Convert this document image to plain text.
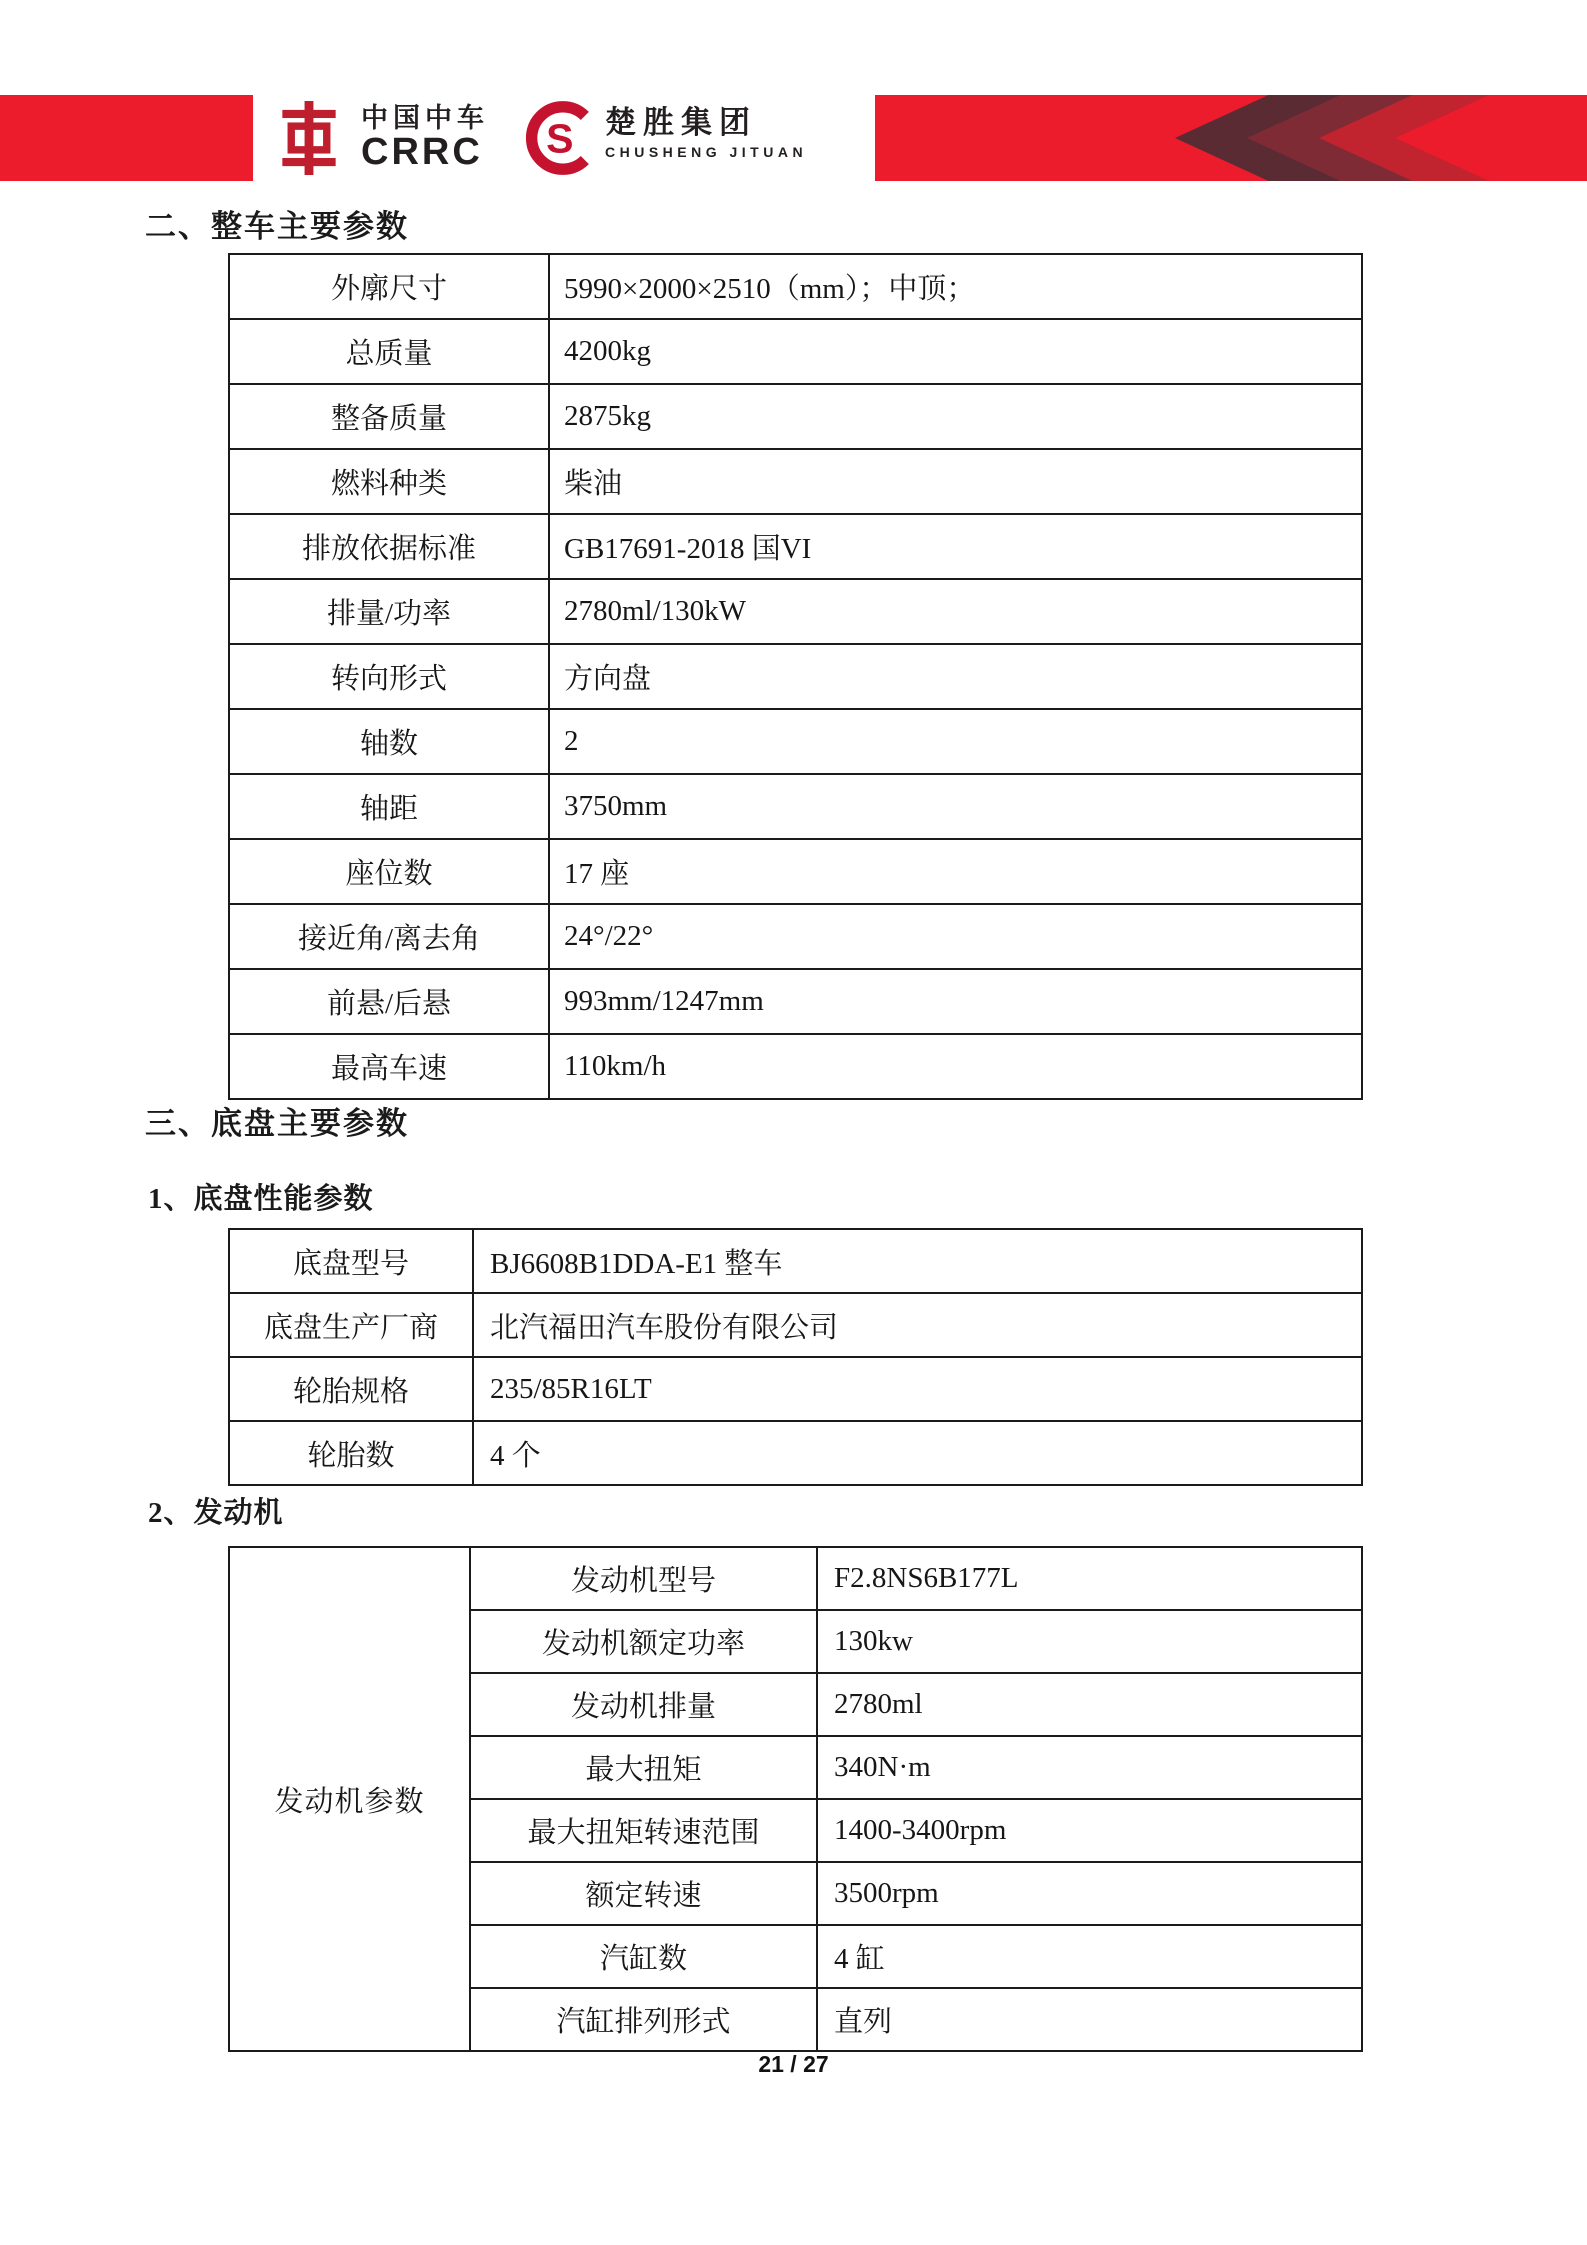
中国中车
CRRC S 楚胜集团
CHUSHENG JITUAN
二、整车主要参数
外廓尺寸	5990×2000×2510（mm）；中顶；
总质量	4200kg
整备质量	2875kg
燃料种类	柴油
排放依据标准	GB17691-2018 国VI
排量/功率	2780ml/130kW
转向形式	方向盘
轴数	2
轴距	3750mm
座位数	17 座
接近角/离去角	24°/22°
前悬/后悬	993mm/1247mm
最高车速	110km/h
三、底盘主要参数
1、底盘性能参数
底盘型号	BJ6608B1DDA-E1 整车
底盘生产厂商	北汽福田汽车股份有限公司
轮胎规格	235/85R16LT
轮胎数	4 个
2、发动机
发动机参数	发动机型号	F2.8NS6B177L
	发动机额定功率	130kw
	发动机排量	2780ml
	最大扭矩	340N·m
	最大扭矩转速范围	1400-3400rpm
	额定转速	3500rpm
	汽缸数	4 缸
	汽缸排列形式	直列
21 / 27
